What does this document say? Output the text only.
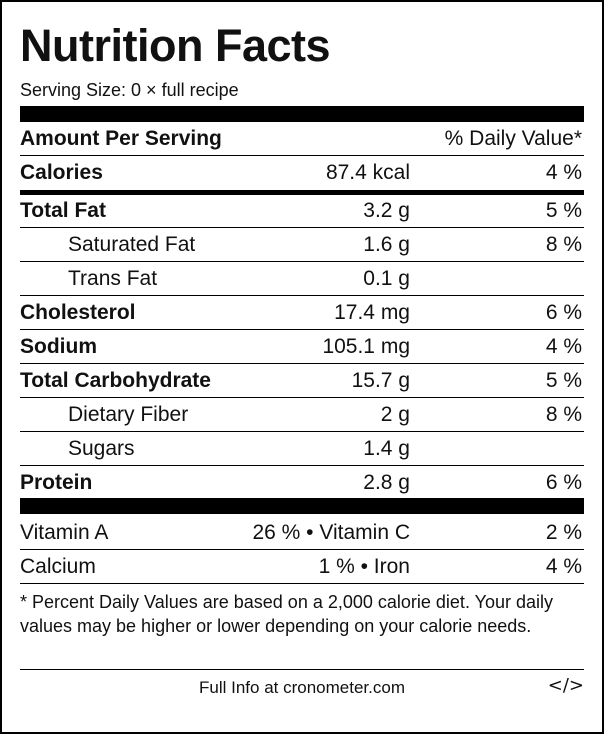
Nutrition Facts
Serving Size: 0 × full recipe
Amount Per Serving	% Daily Value*
Calories	87.4 kcal	4 %
Total Fat	3.2 g	5 %
Saturated Fat	1.6 g	8 %
Trans Fat	0.1 g
Cholesterol	17.4 mg	6 %
Sodium	105.1 mg	4 %
Total Carbohydrate	15.7 g	5 %
Dietary Fiber	2 g	8 %
Sugars	1.4 g
Protein	2.8 g	6 %
Vitamin A	26 % • Vitamin C	2 %
Calcium	1 % • Iron	4 %
* Percent Daily Values are based on a 2,000 calorie diet. Your daily values may be higher or lower depending on your calorie needs.
Full Info at cronometer.com	</>
